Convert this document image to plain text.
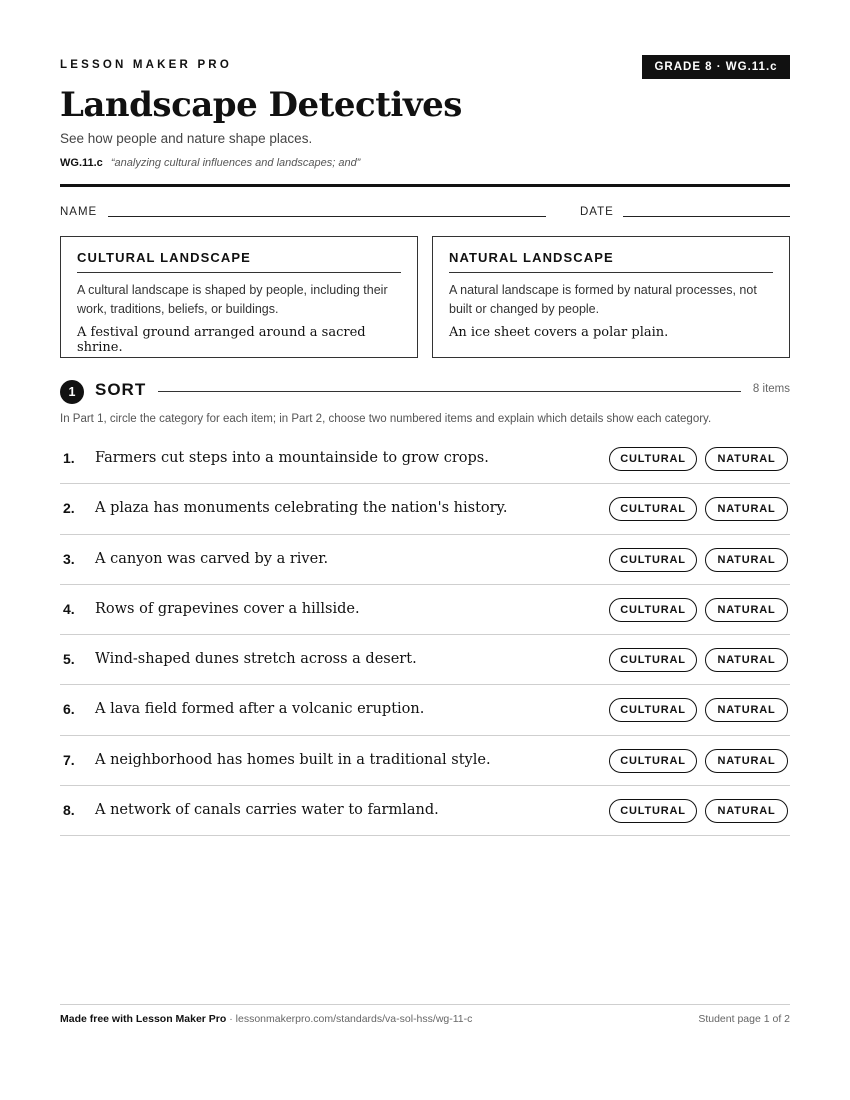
LESSON MAKER PRO	GRADE 8 · WG.11.c
Landscape Detectives
See how people and nature shape places.
WG.11.c “analyzing cultural influences and landscapes; and”
NAME	DATE
CULTURAL LANDSCAPE
A cultural landscape is shaped by people, including their work, traditions, beliefs, or buildings.
A festival ground arranged around a sacred shrine.
NATURAL LANDSCAPE
A natural landscape is formed by natural processes, not built or changed by people.
An ice sheet covers a polar plain.
1	SORT	8 items
In Part 1, circle the category for each item; in Part 2, choose two numbered items and explain which details show each category.
1. Farmers cut steps into a mountainside to grow crops.	CULTURAL	NATURAL
2. A plaza has monuments celebrating the nation's history.	CULTURAL	NATURAL
3. A canyon was carved by a river.	CULTURAL	NATURAL
4. Rows of grapevines cover a hillside.	CULTURAL	NATURAL
5. Wind-shaped dunes stretch across a desert.	CULTURAL	NATURAL
6. A lava field formed after a volcanic eruption.	CULTURAL	NATURAL
7. A neighborhood has homes built in a traditional style.	CULTURAL	NATURAL
8. A network of canals carries water to farmland.	CULTURAL	NATURAL
Made free with Lesson Maker Pro · lessonmakerpro.com/standards/va-sol-hss/wg-11-c	Student page 1 of 2
